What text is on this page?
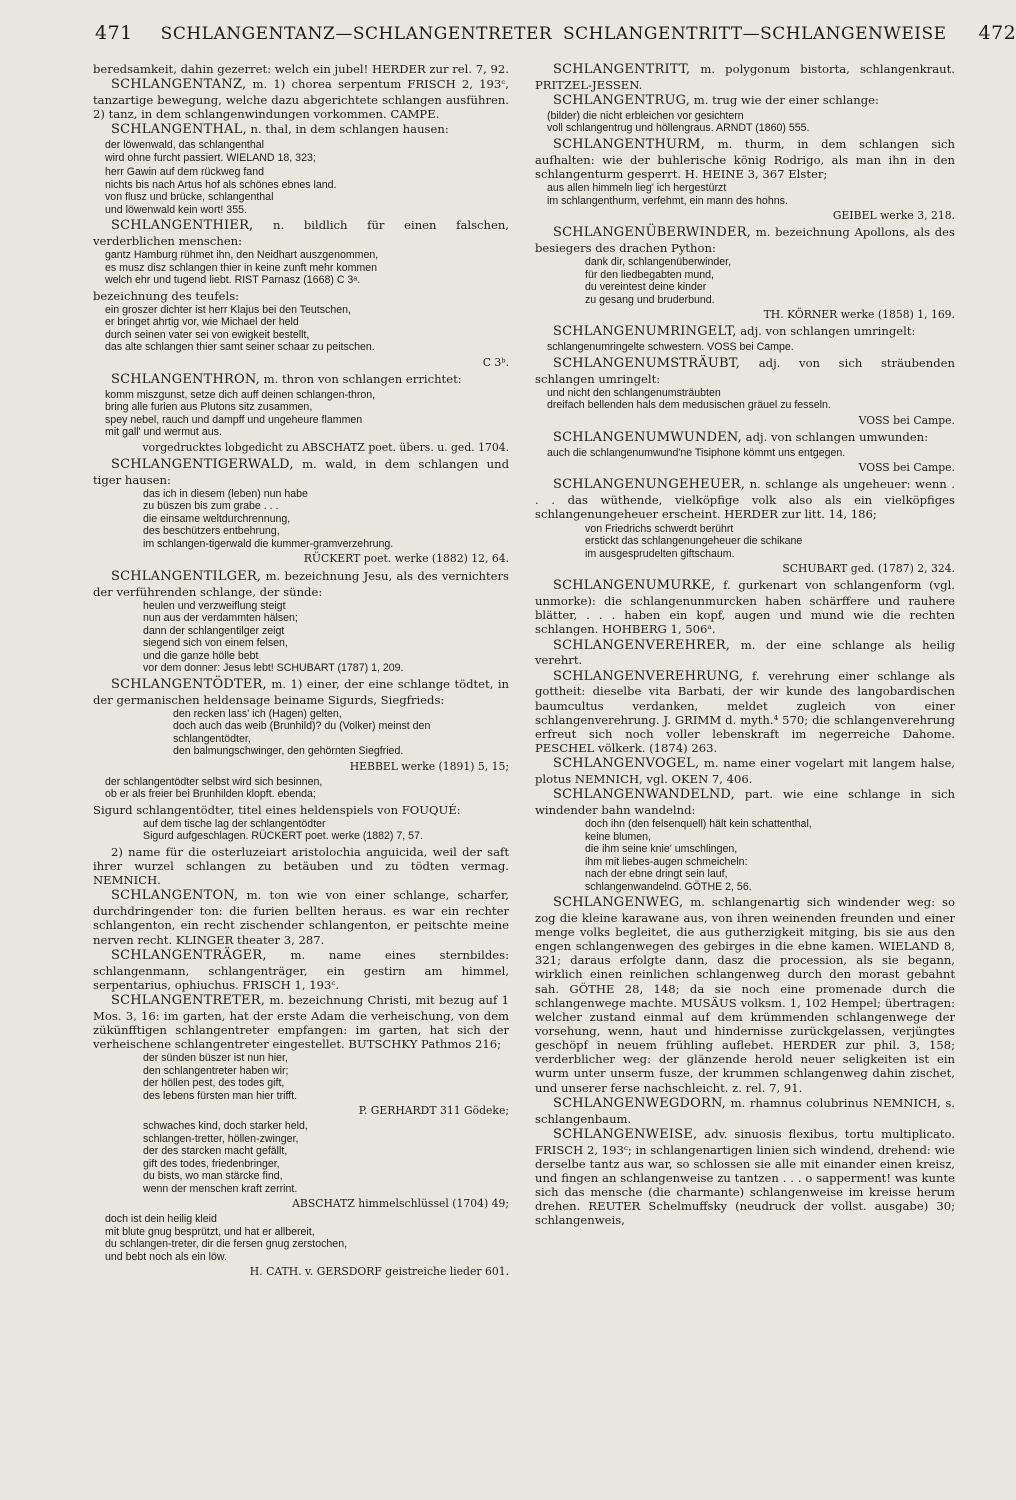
471 SCHLANGENTANZ—SCHLANGENTRETER SCHLANGENTRITT—SCHLANGENWEISE 472

beredsamkeit, dahin gezerret: welch ein jubel! HERDER zur rel. 7, 92.

SCHLANGENTANZ, m. 1) chorea serpentum FRISCH 2, 193ᶜ, tanzartige bewegung, welche dazu abgerichtete schlangen ausführen. 2) tanz, in dem schlangenwindungen vorkommen. CAMPE.

SCHLANGENTHAL, n. thal, in dem schlangen hausen:

der löwenwald, das schlangenthal
wird ohne furcht passiert. WIELAND 18, 323;
herr Gawin auf dem rückweg fand
nichts bis nach Artus hof als schönes ebnes land.
von flusz und brücke, schlangenthal
und löwenwald kein wort! 355.

SCHLANGENTHIER, n. bildlich für einen falschen, verderblichen menschen:

gantz Hamburg rühmet ihn, den Neidhart auszgenommen,
es musz disz schlangen thier in keine zunft mehr kommen
welch ehr und tugend liebt. RIST Parnasz (1668) C 3ᵃ.

bezeichnung des teufels:

ein groszer dichter ist herr Klajus bei den Teutschen,
er bringet ahrtig vor, wie Michael der held
durch seinen vater sei von ewigkeit bestellt,
das alte schlangen thier samt seiner schaar zu peitschen.
C 3ᵇ.

SCHLANGENTHRON, m. thron von schlangen errichtet:

komm miszgunst, setze dich auff deinen schlangen-thron,
bring alle furien aus Plutons sitz zusammen,
spey nebel, rauch und dampff und ungeheure flammen
mit gall' und wermut aus.
vorgedrucktes lobgedicht zu ABSCHATZ poet. übers. u. ged. 1704.

SCHLANGENTIGERWALD, m. wald, in dem schlangen und tiger hausen:

das ich in diesem (leben) nun habe
zu büszen bis zum grabe . . .
die einsame weltdurchrennung,
des beschützers entbehrung,
im schlangen-tigerwald die kummer-gramverzehrung.
RÜCKERT poet. werke (1882) 12, 64.

SCHLANGENTILGER, m. bezeichnung Jesu, als des vernichters der verführenden schlange, der sünde:

heulen und verzweiflung steigt
nun aus der verdammten hälsen;
dann der schlangentilger zeigt
siegend sich von einem felsen,
und die ganze hölle bebt
vor dem donner: Jesus lebt! SCHUBART (1787) 1, 209.

SCHLANGENTÖDTER, m. 1) einer, der eine schlange tödtet, in der germanischen heldensage beiname Sigurds, Siegfrieds:

den recken lass' ich (Hagen) gelten,
doch auch das weib (Brunhild)? du (Volker) meinst den
schlangentödter,
den balmungschwinger, den gehörnten Siegfried.
HEBBEL werke (1891) 5, 15;
der schlangentödter selbst wird sich besinnen,
ob er als freier bei Brunhilden klopft. ebenda;

Sigurd schlangentödter, titel eines heldenspiels von FOUQUÉ:

auf dem tische lag der schlangentödter
Sigurd aufgeschlagen. RÜCKERT poet. werke (1882) 7, 57.

2) name für die osterluzeiart aristolochia anguicida, weil der saft ihrer wurzel schlangen zu betäuben und zu tödten vermag. NEMNICH.

SCHLANGENTON, m. ton wie von einer schlange, scharfer, durchdringender ton: die furien bellten heraus. es war ein rechter schlangenton, ein recht zischender schlangenton, er peitschte meine nerven recht. KLINGER theater 3, 287.

SCHLANGENTRÄGER, m. name eines sternbildes: schlangenmann, schlangenträger, ein gestirn am himmel, serpentarius, ophiuchus. FRISCH 1, 193ᶜ.

SCHLANGENTRETER, m. bezeichnung Christi, mit bezug auf 1 Mos. 3, 16: im garten, hat der erste Adam die verheischung, von dem zükünfftigen schlangentreter empfangen: im garten, hat sich der verheischene schlangentreter eingestellet. BUTSCHKY Pathmos 216;

der sünden büszer ist nun hier,
den schlangentreter haben wir;
der höllen pest, des todes gift,
des lebens fürsten man hier trifft.
P. GERHARDT 311 Gödeke;
schwaches kind, doch starker held,
schlangen-tretter, höllen-zwinger,
der des starcken macht gefällt,
gift des todes, friedenbringer,
du bists, wo man stärcke find,
wenn der menschen kraft zerrint.
ABSCHATZ himmelschlüssel (1704) 49;
doch ist dein heilig kleid
mit blute gnug besprützt, und hat er allbereit,
du schlangen-treter, dir die fersen gnug zerstochen,
und bebt noch als ein löw.
H. CATH. v. GERSDORF geistreiche lieder 601.

SCHLANGENTRITT, m. polygonum bistorta, schlangenkraut. PRITZEL-JESSEN.

SCHLANGENTRUG, m. trug wie der einer schlange:

(bilder) die nicht erbleichen vor gesichtern
voll schlangentrug und höllengraus. ARNDT (1860) 555.

SCHLANGENTHURM, m. thurm, in dem schlangen sich aufhalten: wie der buhlerische könig Rodrigo, als man ihn in den schlangenturm gesperrt. H. HEINE 3, 367 Elster;

aus allen himmeln lieg' ich hergestürzt
im schlangenthurm, verfehmt, ein mann des hohns.
GEIBEL werke 3, 218.

SCHLANGENÜBERWINDER, m. bezeichnung Apollons, als des besiegers des drachen Python:

dank dir, schlangenüberwinder,
für den liedbegabten mund,
du vereintest deine kinder
zu gesang und bruderbund.
TH. KÖRNER werke (1858) 1, 169.

SCHLANGENUMRINGELT, adj. von schlangen umringelt:

schlangenumringelte schwestern. VOSS bei Campe.

SCHLANGENUMSTRÄUBT, adj. von sich sträubenden schlangen umringelt:

und nicht den schlangenumsträubten
dreifach bellenden hals dem medusischen gräuel zu fesseln.
VOSS bei Campe.

SCHLANGENUMWUNDEN, adj. von schlangen umwunden:

auch die schlangenumwund'ne Tisiphone kömmt uns entgegen.
VOSS bei Campe.

SCHLANGENUNGEHEUER, n. schlange als ungeheuer: wenn . . . das wüthende, vielköpfige volk also als ein vielköpfiges schlangenungeheuer erscheint. HERDER zur litt. 14, 186;

von Friedrichs schwerdt berührt
erstickt das schlangenungeheuer die schikane
im ausgesprudelten giftschaum.
SCHUBART ged. (1787) 2, 324.

SCHLANGENUMURKE, f. gurkenart von schlangenform (vgl. unmorke): die schlangenunmurcken haben schärffere und rauhere blätter, . . . haben ein kopf, augen und mund wie die rechten schlangen. HOHBERG 1, 506ᵃ.

SCHLANGENVEREHRER, m. der eine schlange als heilig verehrt.

SCHLANGENVEREHRUNG, f. verehrung einer schlange als gottheit: dieselbe vita Barbati, der wir kunde des langobardischen baumcultus verdanken, meldet zugleich von einer schlangenverehrung. J. GRIMM d. myth.⁴ 570; die schlangenverehrung erfreut sich noch voller lebenskraft im negerreiche Dahome. PESCHEL völkerk. (1874) 263.

SCHLANGENVOGEL, m. name einer vogelart mit langem halse, plotus NEMNICH, vgl. OKEN 7, 406.

SCHLANGENWANDELND, part. wie eine schlange in sich windender bahn wandelnd:

doch ihn (den felsenquell) hält kein schattenthal,
keine blumen,
die ihm seine knie' umschlingen,
ihm mit liebes-augen schmeicheln:
nach der ebne dringt sein lauf,
schlangenwandelnd. GÖTHE 2, 56.

SCHLANGENWEG, m. schlangenartig sich windender weg: so zog die kleine karawane aus, von ihren weinenden freunden und einer menge volks begleitet, die aus gutherzigkeit mitging, bis sie aus den engen schlangenwegen des gebirges in die ebne kamen. WIELAND 8, 321; daraus erfolgte dann, dasz die procession, als sie begann, wirklich einen reinlichen schlangenweg durch den morast gebahnt sah. GÖTHE 28, 148; da sie noch eine promenade durch die schlangenwege machte. MUSÄUS volksm. 1, 102 Hempel; übertragen: welcher zustand einmal auf dem krümmenden schlangenwege der vorsehung, wenn, haut und hindernisse zurückgelassen, verjüngtes geschöpf in neuem frühling auflebet. HERDER zur phil. 3, 158; verderblicher weg: der glänzende herold neuer seligkeiten ist ein wurm unter unserm fusze, der krummen schlangenweg dahin zischet, und unserer ferse nachschleicht. z. rel. 7, 91.

SCHLANGENWEGDORN, m. rhamnus colubrinus NEMNICH, s. schlangenbaum.

SCHLANGENWEISE, adv. sinuosis flexibus, tortu multiplicato. FRISCH 2, 193ᶜ; in schlangenartigen linien sich windend, drehend: wie derselbe tantz aus war, so schlossen sie alle mit einander einen kreisz, und fingen an schlangenweise zu tantzen . . . o sapperment! was kunte sich das mensche (die charmante) schlangenweise im kreisse herum drehen. REUTER Schelmuffsky (neudruck der vollst. ausgabe) 30; schlangenweis,
